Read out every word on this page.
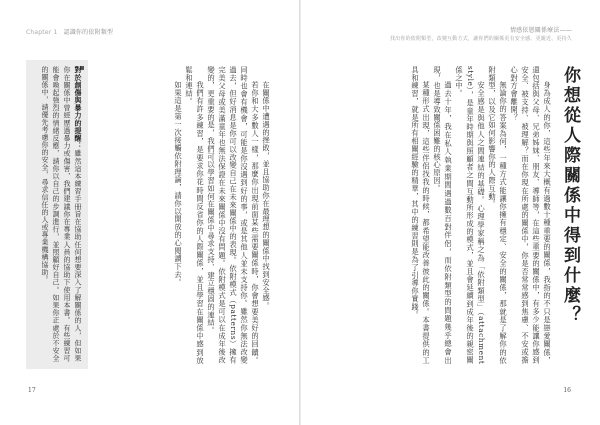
Chapter 1 認識你的依附類型

在關係中遭遇的挫敗，並且協助你在最理想的關係中找到安全感。

若你和大多數人一樣，那麼你出現前面某些需要關係時，你會想要美好的回饋。同時也會有機會，可能是你沒遇到好的事，或是其他人並未支持你。雖然你無法改變過去，但好消息是你可以改變自己在未來關係中的表現。依附模式（patterns）擁有完美父母或美滿童年也無法保證在未來關係中沒有問題。依附模式是可以在成年後改變的，更重要的是，我們可以學習如何在關係中尋求支持、建立穩固的連結。

我們有許多練習，是要求你花時間反省你的人際關係，並且學習在關係中感到放鬆和連結。

如果這是第一次接觸依附理論，請你以開放的心閱讀下去。

對於創傷與暴力的提醒：雖然這本練習手冊旨在協助任何想要深入了解關係的人，但如果你在關係中曾經歷過暴力或傷害，我們建議你在專業人員的協助下使用本書。有些練習可能會喚起強烈的情緒反應，請你以自己的步調進行，並照顧好自己。如果你正處於不安全的關係中，請優先考慮你的安全，尋求信任的人或專業機構協助。
17
情感依戀關係療法——
找出你的依附類型，改變互動方式，讓你們的關係更有安全感、更親近、更持久
你想從人際關係中得到什麼？

身為成人的你，這些年來大概有過數十種重要的關係，我指的不只是戀愛關係，還包括與父母、兄弟姊妹、朋友、導師等，在這些重要的關係中，有多少能讓你感到安全、被支持、被理解？而在你現在所處的關係中，你是否常常感到焦慮、不安或擔心對方會離開？

無論你的答案為何，一種方式能讓你擁有穩定、安全的關係，那就是了解你的依附類型，以及它如何影響你的人際互動。

安全感是與他人之間連結的基礎。心理學家稱之為「依附類型」（attachment style），是童年時期與照顧者之間互動所形成的模式，並且會延續到成年後的親密關係之中。

過去十年，我在私人執業期間遇過數百對伴侶，而依附類型的問題幾乎總會出現，也是導致關係困難的核心原因。

某種形式出現，這些伴侶找我的時候，都希望能改善彼此的關係。本書提供的工具和練習，就是所有相關經驗的精華，其中的練習則是為了引導你實踐。

16
